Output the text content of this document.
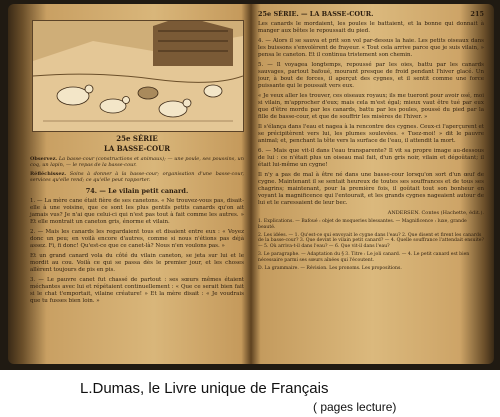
25e SÉRIE
LA BASSE-COUR

Observez. La basse-cour (constructions et animaux); — une poule, ses poussins, un coq, un lapin, — le repas de la basse-cour.

Réfléchissez. Soins à donner à la basse-cour; organisation d'une basse-cour, services qu'elle rend; ce qu'elle peut rapporter.

74. — Le vilain petit canard.

1. — La mère cane était fière de ses canetons. « Ne trouvez-vous pas, disait-elle à une voisine, que ce sont les plus gentils petits canards qu'on ait jamais vus? Je n'ai que celui-ci qui n'est pas tout à fait comme les autres. » Et elle montrait un caneton gris, énorme et vilain.

2. — Mais les canards les regardaient tous et disaient entre eux : « Voyez donc un peu; en voilà encore d'autres, comme si nous n'étions pas déjà assez. Fi, fi donc! Qu'est-ce que ce canet-là? Nous n'en voulons pas. »

Et un grand canard vola du côté du vilain caneton, se jeta sur lui et le mordit au cou. Voilà ce qui se passa dès le premier jour, et les choses allèrent toujours de pis en pis.

3. — Le pauvre canet fut chassé de partout : ses sœurs mêmes étaient méchantes avec lui et répétaient continuellement : « Que ce serait bien fait si le chat t'emportait, vilaine créature! » Et la mère disait : « Je voudrais que tu fusses bien loin. »

25e SÉRIE. — LA BASSE-COUR.	215

Les canards le mordaient, les poules le battaient, et la bonne qui donnait à manger aux bêtes le repoussait du pied.

4. — Alors il se sauva et prit son vol par-dessus la haie. Les petits oiseaux dans les buissons s'envolèrent de frayeur. « Tout cela arrive parce que je suis vilain, » pensa le caneton. Et il continua tristement son chemin.

5. — Il voyagea longtemps, repoussé par les oies, battu par les canards sauvages, partout bafoué, mourant presque de froid pendant l'hiver glacé. Un jour, à bout de forces, il aperçut des cygnes, et il sentit comme une force puissante qui le poussait vers eux.

« Je veux aller les trouver, ces oiseaux royaux; ils me tueront pour avoir osé, moi si vilain, m'approcher d'eux; mais cela m'est égal; mieux vaut être tué par eux que d'être mordu par les canards, battu par les poules, poussé du pied par la fille de basse-cour, et que de souffrir les misères de l'hiver. »

Il s'élança dans l'eau et nagea à la rencontre des cygnes. Ceux-ci l'aperçurent et se précipitèrent vers lui, les plumes soulevées. « Tuez-moi! » dit le pauvre animal; et, penchant la tête vers la surface de l'eau, il attendit la mort.

6. — Mais que vit-il dans l'eau transparente? Il vit sa propre image au-dessous de lui : ce n'était plus un oiseau mal fait, d'un gris noir, vilain et dégoûtant; il était lui-même un cygne!

Il n'y a pas de mal à être né dans une basse-cour lorsqu'on sort d'un œuf de cygne. Maintenant il se sentait heureux de toutes ses souffrances et de tous ses chagrins; maintenant, pour la première fois, il goûtait tout son bonheur en voyant la magnificence qui l'entourait, et les grands cygnes nageaient autour de lui et le caressaient de leur bec.

ANDERSEN. Contes (Hachette, édit.).

1. Explications. — Bafoué : objet de moqueries blessantes. — Magnificence : luxe, grande beauté.

2. Les idées. — 1. Qu'est-ce qui envoyait le cygne dans l'eau? 2. Que disent et firent les canards de la basse-cour? 3. Que devint le vilain petit canard? — 4. Quelle souffrance l'attendait ensuite? — 5. Où arriva-t-il dans l'eau? — 6. Que vit-il dans l'eau?

3. Le paragraphe. — Adaptation du § 3. Titre : Le joli canard. — 4. Le petit canard est bien nécessaire parmi ses sœurs aînées qui l'écoutent.

D. La grammaire. — Révision. Les pronoms. Les propositions.

L.Dumas, le Livre unique de Français
( pages lecture)
